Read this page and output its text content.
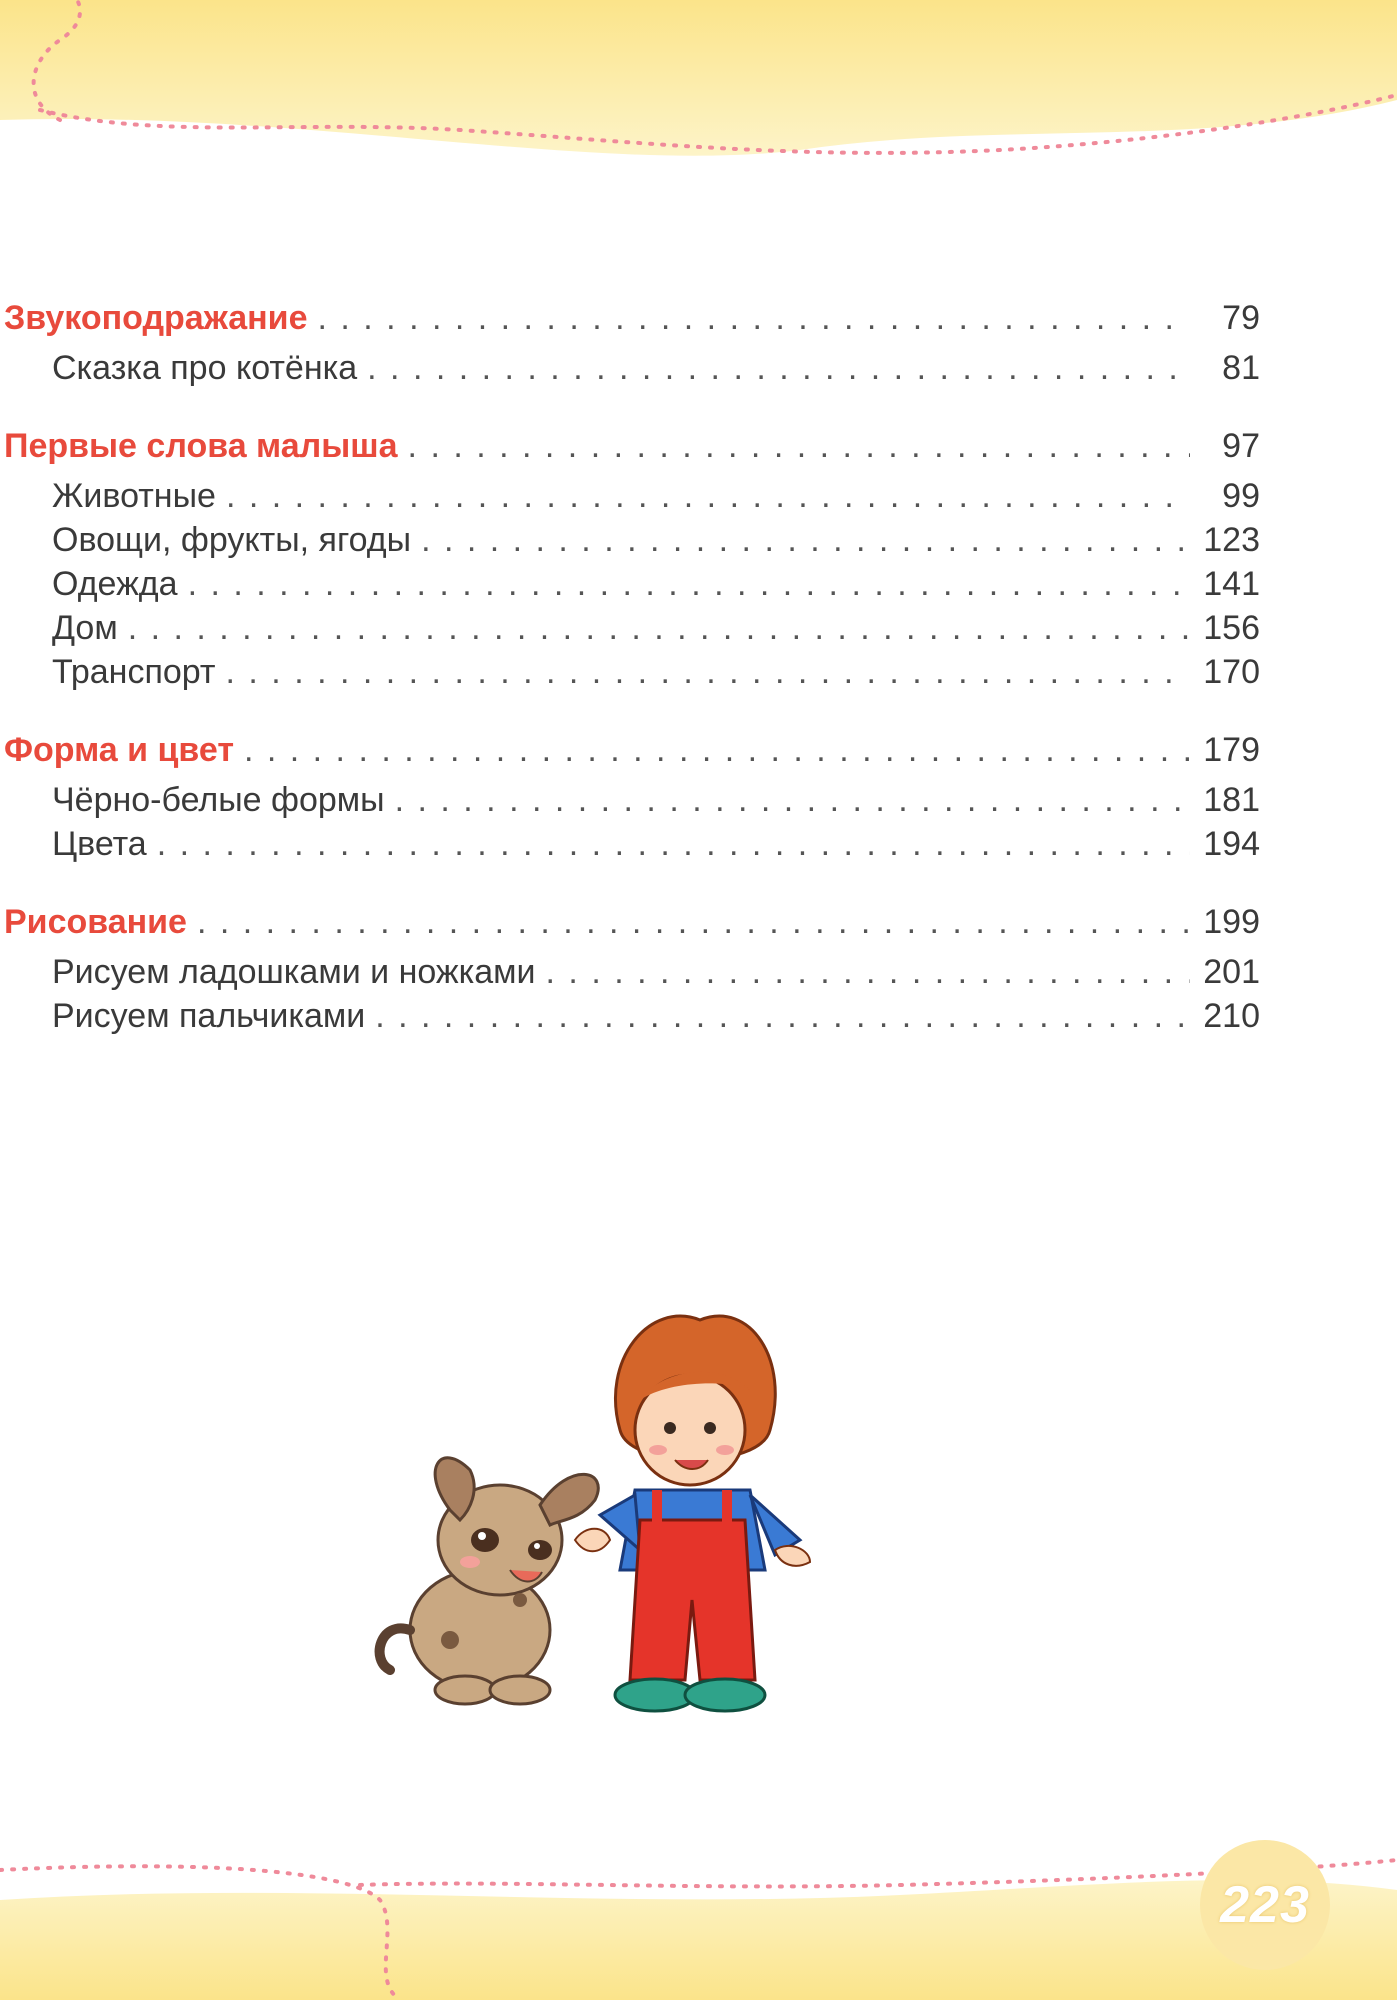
Звукоподражание . . .	79
Сказка про котёнка . . .	81
Первые слова малыша . . .	97
Животные . . .	99
Овощи, фрукты, ягоды . . .	123
Одежда . . .	141
Дом . . .	156
Транспорт . . .	170
Форма и цвет . . .	179
Чёрно-белые формы . . .	181
Цвета . . .	194
Рисование . . .	199
Рисуем ладошками и ножками . . .	201
Рисуем пальчиками . . .	210
223
